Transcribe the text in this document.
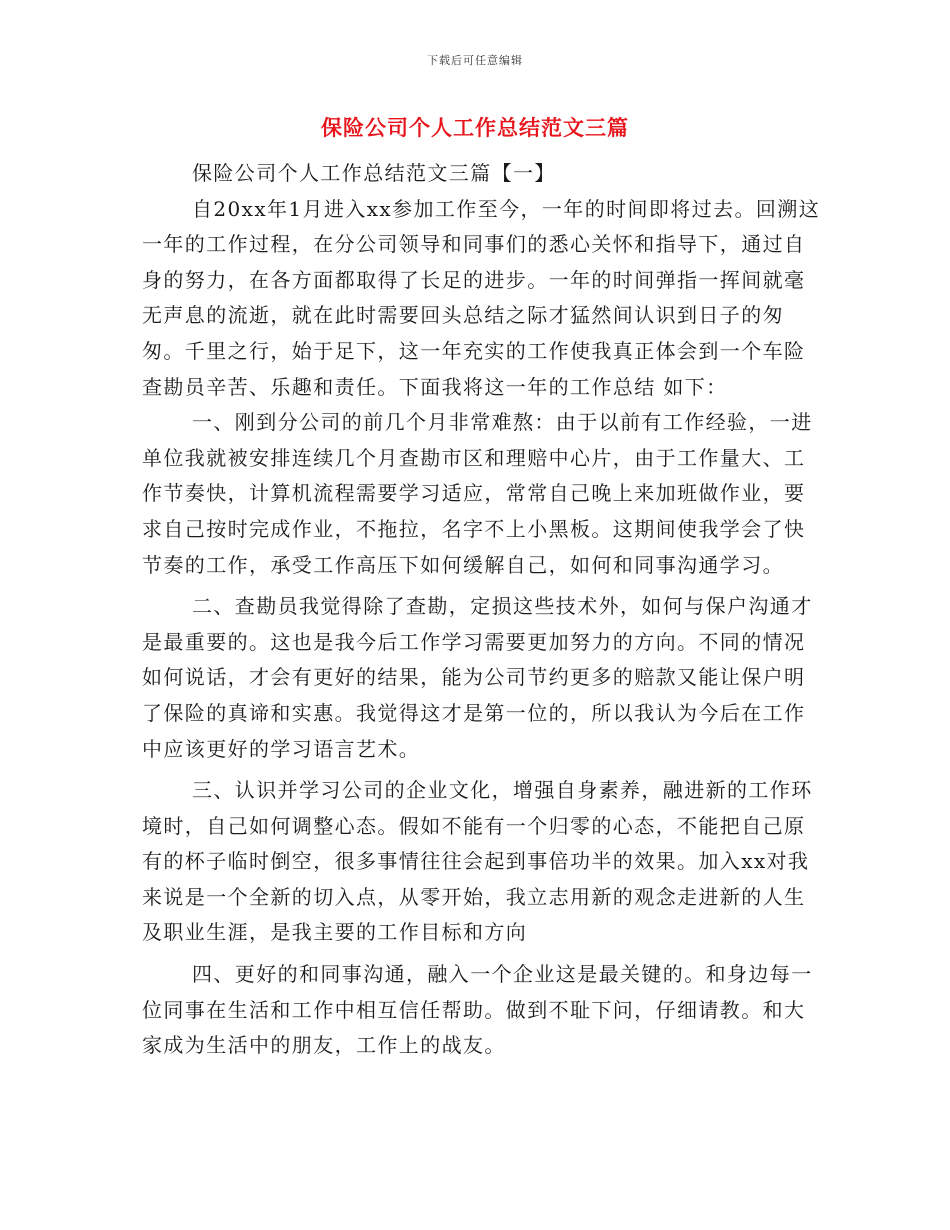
下载后可任意编辑
保险公司个人工作总结范文三篇

保险公司个人工作总结范文三篇【一】

自20xx年1月进入xx参加工作至今，一年的时间即将过去。回溯这一年的工作过程，在分公司领导和同事们的悉心关怀和指导下，通过自身的努力，在各方面都取得了长足的进步。一年的时间弹指一挥间就毫无声息的流逝，就在此时需要回头总结之际才猛然间认识到日子的匆匆。千里之行，始于足下，这一年充实的工作使我真正体会到一个车险查勘员辛苦、乐趣和责任。下面我将这一年的工作总结 如下：

一、刚到分公司的前几个月非常难熬：由于以前有工作经验，一进单位我就被安排连续几个月查勘市区和理赔中心片，由于工作量大、工作节奏快，计算机流程需要学习适应，常常自己晚上来加班做作业，要求自己按时完成作业，不拖拉，名字不上小黑板。这期间使我学会了快节奏的工作，承受工作高压下如何缓解自己，如何和同事沟通学习。

二、查勘员我觉得除了查勘，定损这些技术外，如何与保户沟通才是最重要的。这也是我今后工作学习需要更加努力的方向。不同的情况如何说话，才会有更好的结果，能为公司节约更多的赔款又能让保户明了保险的真谛和实惠。我觉得这才是第一位的，所以我认为今后在工作中应该更好的学习语言艺术。

三、认识并学习公司的企业文化，增强自身素养，融进新的工作环境时，自己如何调整心态。假如不能有一个归零的心态，不能把自己原有的杯子临时倒空，很多事情往往会起到事倍功半的效果。加入xx对我来说是一个全新的切入点，从零开始，我立志用新的观念走进新的人生及职业生涯，是我主要的工作目标和方向

四、更好的和同事沟通，融入一个企业这是最关键的。和身边每一位同事在生活和工作中相互信任帮助。做到不耻下问，仔细请教。和大家成为生活中的朋友，工作上的战友。
